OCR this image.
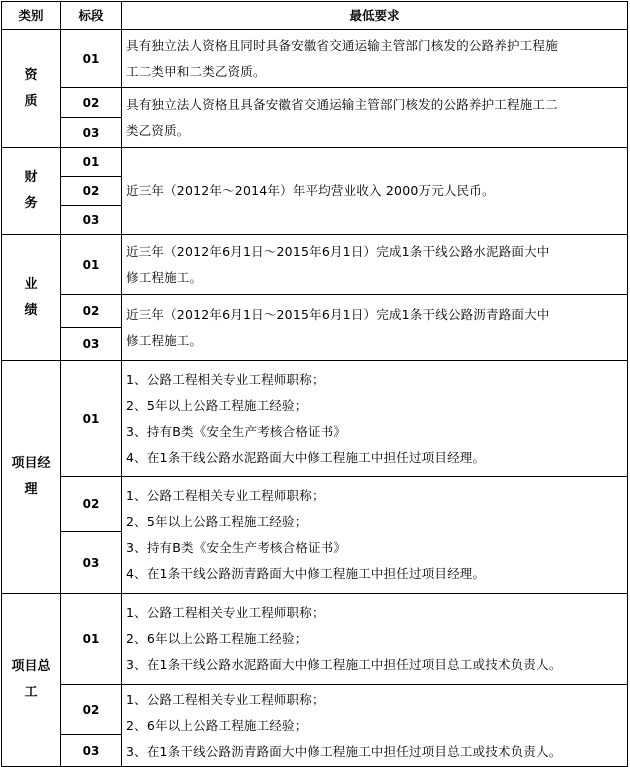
类别	标段	最低要求

资
质	01	具有独立法人资格且同时具备安徽省交通运输主管部门核发的公路养护工程施
工二类甲和二类乙资质。

	02	具有独立法人资格且具备安徽省交通运输主管部门核发的公路养护工程施工二
类乙资质。

	03	

财
务	01	近三年（2012年～2014年）年平均营业收入 2000万元人民币。
	02	
	03	

业
绩	01	近三年（2012年6月1日～2015年6月1日）完成1条干线公路水泥路面大中
修工程施工。

	02	近三年（2012年6月1日～2015年6月1日）完成1条干线公路沥青路面大中
修工程施工。

	03	

项目经
理	01	1、公路工程相关专业工程师职称；
2、5年以上公路工程施工经验；
3、持有B类《安全生产考核合格证书》
4、在1条干线公路水泥路面大中修工程施工中担任过项目经理。

	02	1、公路工程相关专业工程师职称；
2、5年以上公路工程施工经验；
3、持有B类《安全生产考核合格证书》
4、在1条干线公路沥青路面大中修工程施工中担任过项目经理。

	03	

项目总
工	01	1、公路工程相关专业工程师职称；
2、6年以上公路工程施工经验；
3、在1条干线公路水泥路面大中修工程施工中担任过项目总工或技术负责人。

	02	1、公路工程相关专业工程师职称；
2、6年以上公路工程施工经验；
3、在1条干线公路沥青路面大中修工程施工中担任过项目总工或技术负责人。

	03	
